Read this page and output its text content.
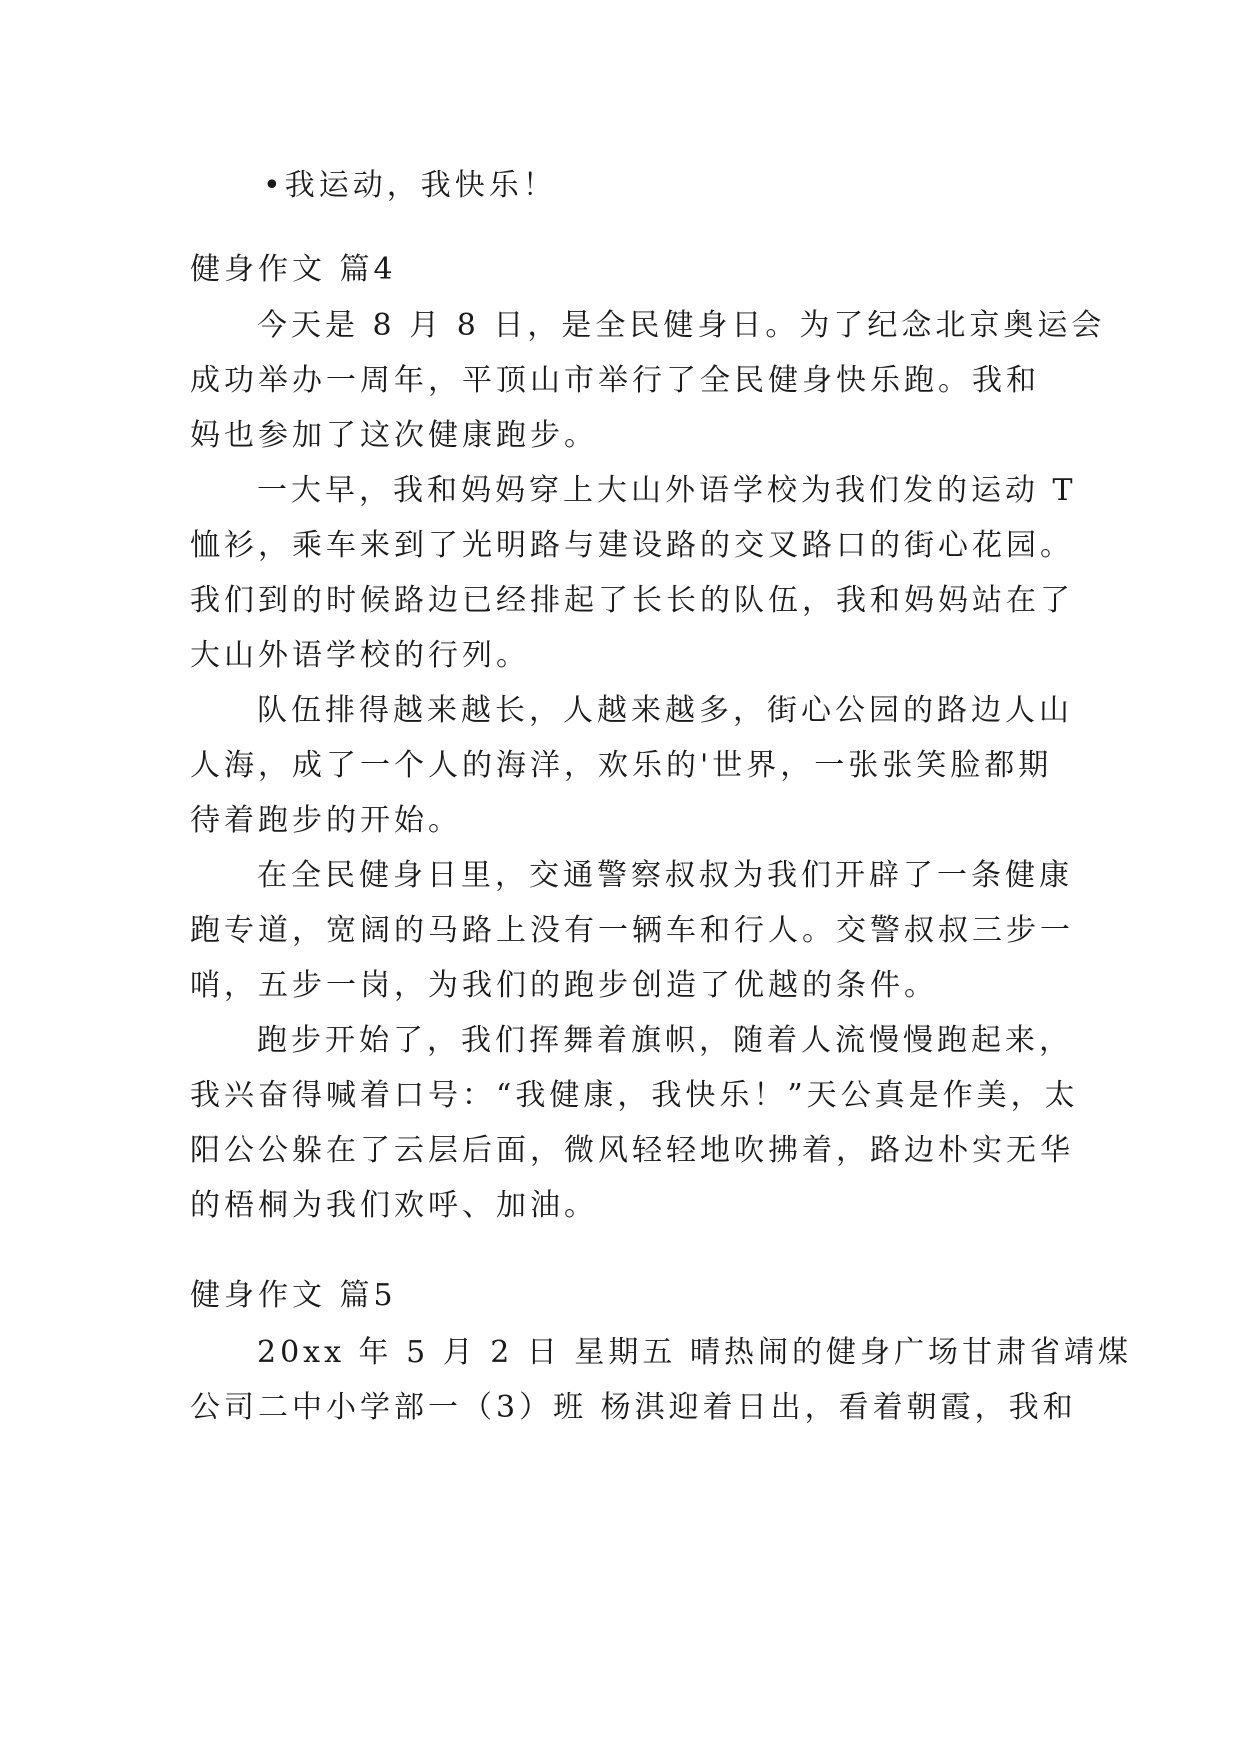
•我运动，我快乐！
健身作文 篇4
今天是 8 月 8 日，是全民健身日。为了纪念北京奥运会
成功举办一周年，平顶山市举行了全民健身快乐跑。我和
妈也参加了这次健康跑步。
一大早，我和妈妈穿上大山外语学校为我们发的运动 T
恤衫，乘车来到了光明路与建设路的交叉路口的街心花园。
我们到的时候路边已经排起了长长的队伍，我和妈妈站在了
大山外语学校的行列。
队伍排得越来越长，人越来越多，街心公园的路边人山
人海，成了一个人的海洋，欢乐的'世界，一张张笑脸都期
待着跑步的开始。
在全民健身日里，交通警察叔叔为我们开辟了一条健康
跑专道，宽阔的马路上没有一辆车和行人。交警叔叔三步一
哨，五步一岗，为我们的跑步创造了优越的条件。
跑步开始了，我们挥舞着旗帜，随着人流慢慢跑起来，
我兴奋得喊着口号：“我健康，我快乐！”天公真是作美，太
阳公公躲在了云层后面，微风轻轻地吹拂着，路边朴实无华
的梧桐为我们欢呼、加油。
健身作文 篇5
20xx 年 5 月 2 日 星期五 晴热闹的健身广场甘肃省靖煤
公司二中小学部一（3）班 杨淇迎着日出，看着朝霞，我和
